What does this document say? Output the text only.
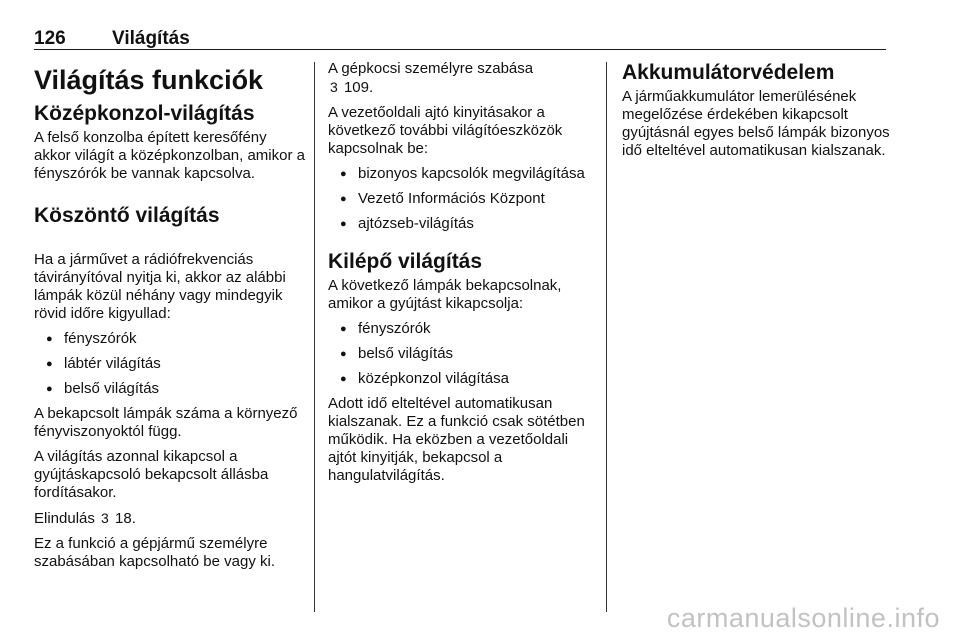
126 Világítás
Világítás funkciók
Középkonzol-világítás

A felső konzolba épített keresőfény akkor világít a középkonzolban, amikor a fényszórók be vannak kapcsolva.

Köszöntő világítás

Ha a járművet a rádiófrekvenciás távirányítóval nyitja ki, akkor az alábbi lámpák közül néhány vagy mindegyik rövid időre kigyullad:

● fényszórók
● lábtér világítás
● belső világítás

A bekapcsolt lámpák száma a környező fényviszonyoktól függ.

A világítás azonnal kikapcsol a gyújtáskapcsoló bekapcsolt állásba fordításakor.

Elindulás 3 18.

Ez a funkció a gépjármű személyre szabásában kapcsolható be vagy ki.

A gépkocsi személyre szabása
3 109.

A vezetőoldali ajtó kinyitásakor a következő további világítóeszközök kapcsolnak be:

● bizonyos kapcsolók megvilágítása
● Vezető Információs Központ
● ajtózseb-világítás
Kilépő világítás

A következő lámpák bekapcsolnak, amikor a gyújtást kikapcsolja:

● fényszórók
● belső világítás
● középkonzol világítása

Adott idő elteltével automatikusan kialszanak. Ez a funkció csak sötétben működik. Ha eközben a vezetőoldali ajtót kinyitják, bekapcsol a hangulatvilágítás.

Akkumulátorvédelem

A járműakkumulátor lemerülésének megelőzése érdekében kikapcsolt gyújtásnál egyes belső lámpák bizonyos idő elteltével automatikusan kialszanak.

carmanualsonline.info
